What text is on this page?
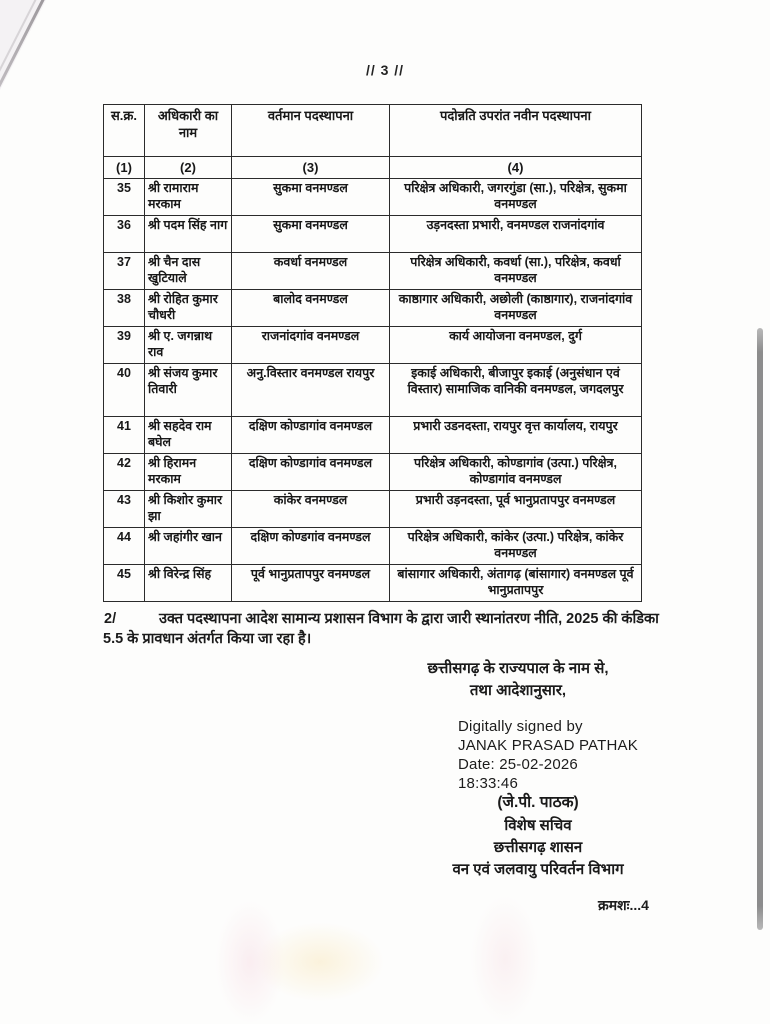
// 3 //
स.क्र.	अधिकारी का नाम	वर्तमान पदस्थापना	पदोन्नति उपरांत नवीन पदस्थापना
(1)	(2)	(3)	(4)
35	श्री रामाराम मरकाम	सुकमा वनमण्डल	परिक्षेत्र अधिकारी, जगरगुंडा (सा.), परिक्षेत्र, सुकमा वनमण्डल
36	श्री पदम सिंह नाग	सुकमा वनमण्डल	उड़नदस्ता प्रभारी, वनमण्डल राजनांदगांव
37	श्री चैन दास खुटियाले	कवर्धा वनमण्डल	परिक्षेत्र अधिकारी, कवर्धा (सा.), परिक्षेत्र, कवर्धा वनमण्डल
38	श्री रोहित कुमार चौधरी	बालोद वनमण्डल	काष्ठागार अधिकारी, अछोली (काष्ठागार), राजनांदगांव वनमण्डल
39	श्री ए. जगन्नाथ राव	राजनांदगांव वनमण्डल	कार्य आयोजना वनमण्डल, दुर्ग
40	श्री संजय कुमार तिवारी	अनु.विस्तार वनमण्डल रायपुर	इकाई अधिकारी, बीजापुर इकाई (अनुसंधान एवं विस्तार) सामाजिक वानिकी वनमण्डल, जगदलपुर
41	श्री सहदेव राम बघेल	दक्षिण कोण्डागांव वनमण्डल	प्रभारी उडनदस्ता, रायपुर वृत्त कार्यालय, रायपुर
42	श्री हिरामन मरकाम	दक्षिण कोण्डागांव वनमण्डल	परिक्षेत्र अधिकारी, कोण्डागांव (उत्पा.) परिक्षेत्र, कोण्डागांव वनमण्डल
43	श्री किशोर कुमार झा	कांकेर वनमण्डल	प्रभारी उड़नदस्ता, पूर्व भानुप्रतापपुर वनमण्डल
44	श्री जहांगीर खान	दक्षिण कोण्डगांव वनमण्डल	परिक्षेत्र अधिकारी, कांकेर (उत्पा.) परिक्षेत्र, कांकेर वनमण्डल
45	श्री विरेन्द्र सिंह	पूर्व भानुप्रतापपुर वनमण्डल	बांसागार अधिकारी, अंतागढ़ (बांसागार) वनमण्डल पूर्व भानुप्रतापपुर
2/	उक्त पदस्थापना आदेश सामान्य प्रशासन विभाग के द्वारा जारी स्थानांतरण नीति, 2025 की कंडिका 5.5 के प्रावधान अंतर्गत किया जा रहा है।

छत्तीसगढ़ के राज्यपाल के नाम से,
तथा आदेशानुसार,
Digitally signed by
JANAK PRASAD PATHAK
Date: 25-02-2026
18:33:46
(जे.पी. पाठक)
विशेष सचिव
छत्तीसगढ़ शासन
वन एवं जलवायु परिवर्तन विभाग
क्रमशः...4
